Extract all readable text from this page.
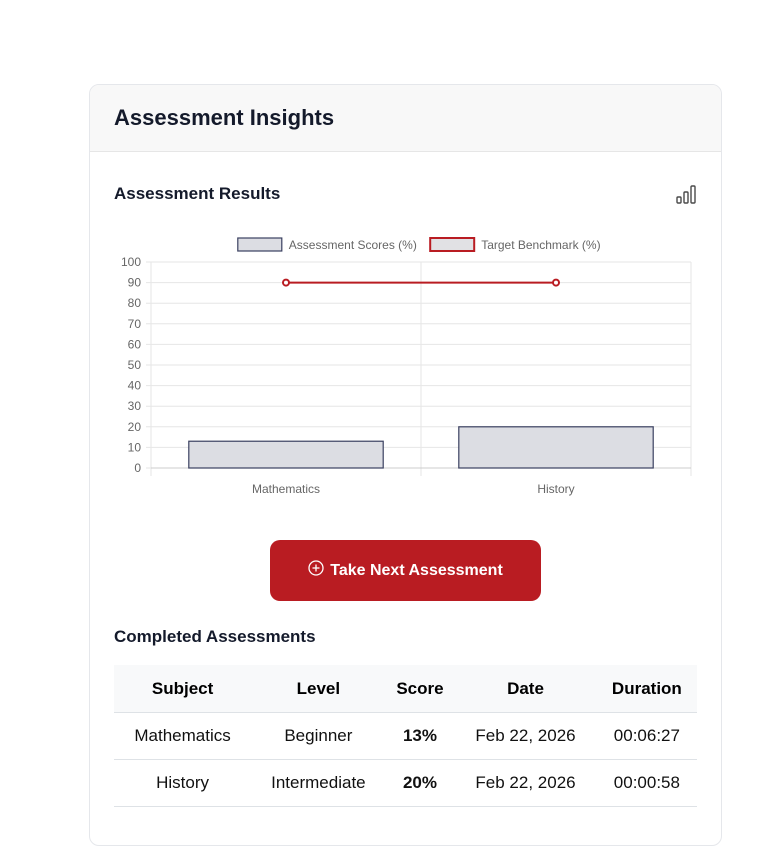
Assessment Insights
Assessment Results
0
10
20
30
40
50
60
70
80
90
100
Mathematics	History
Assessment Scores (%)	Target Benchmark (%)
Take Next Assessment
Completed Assessments
Subject	Level	Score	Date	Duration
Mathematics	Beginner	13%	Feb 22, 2026	00:06:27
History	Intermediate	20%	Feb 22, 2026	00:00:58
